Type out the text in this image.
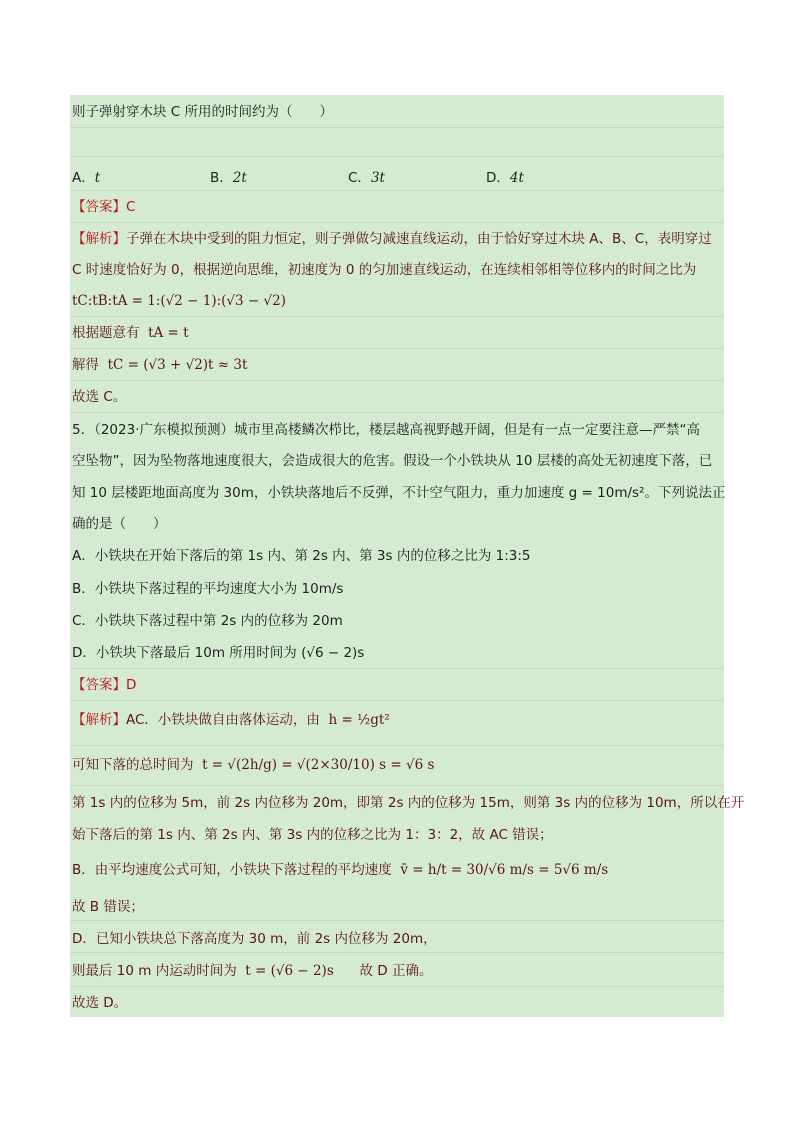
则子弹射穿木块 C 所用的时间约为（　　）
A．t	B．2t	C．3t	D．4t
【答案】C
【解析】子弹在木块中受到的阻力恒定，则子弹做匀减速直线运动，由于恰好穿过木块 A、B、C，表明穿过
C 时速度恰好为 0，根据逆向思维，初速度为 0 的匀加速直线运动，在连续相邻相等位移内的时间之比为
tC:tB:tA = 1:(√2 − 1):(√3 − √2)
根据题意有 tA = t
解得 tC = (√3 + √2)t ≈ 3t
故选 C。
5．（2023·广东模拟预测）城市里高楼鳞次栉比，楼层越高视野越开阔，但是有一点一定要注意—严禁“高
空坠物”，因为坠物落地速度很大，会造成很大的危害。假设一个小铁块从 10 层楼的高处无初速度下落，已
知 10 层楼距地面高度为 30m，小铁块落地后不反弹，不计空气阻力，重力加速度 g = 10m/s²。下列说法正
确的是（　　）
A．小铁块在开始下落后的第 1s 内、第 2s 内、第 3s 内的位移之比为 1:3:5
B．小铁块下落过程的平均速度大小为 10m/s
C．小铁块下落过程中第 2s 内的位移为 20m
D．小铁块下落最后 10m 所用时间为 (√6 − 2)s
【答案】D
【解析】AC．小铁块做自由落体运动，由 h = ½gt²
可知下落的总时间为 t = √(2h/g) = √(2×30/10) s = √6 s
第 1s 内的位移为 5m，前 2s 内位移为 20m，即第 2s 内的位移为 15m，则第 3s 内的位移为 10m，所以在开
始下落后的第 1s 内、第 2s 内、第 3s 内的位移之比为 1：3：2，故 AC 错误；
B．由平均速度公式可知，小铁块下落过程的平均速度 v̄ = h/t = 30/√6 m/s = 5√6 m/s
故 B 错误；
D．已知小铁块总下落高度为 30 m，前 2s 内位移为 20m，
则最后 10 m 内运动时间为 t = (√6 − 2)s 故 D 正确。
故选 D。
